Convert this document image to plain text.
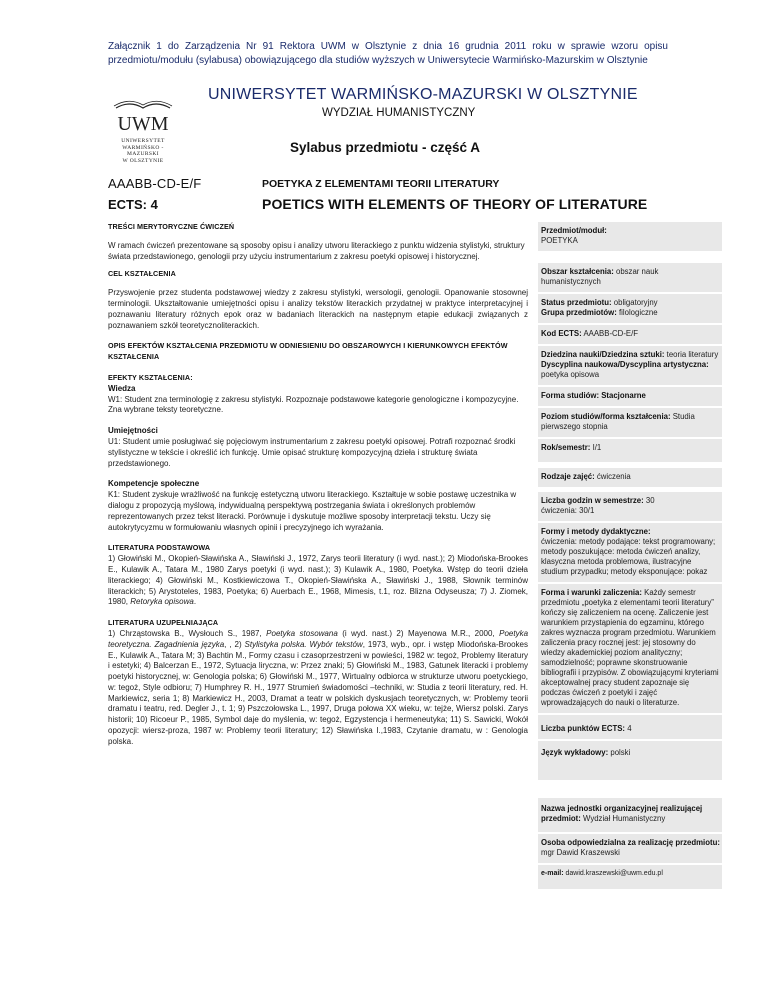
Załącznik 1 do Zarządzenia Nr 91 Rektora UWM w Olsztynie z dnia 16 grudnia 2011 roku w sprawie wzoru opisu przedmiotu/modułu (sylabusa) obowiązującego dla studiów wyższych w Uniwersytecie Warmińsko-Mazurskim w Olsztynie
UWM
UNIWERSYTET
WARMIŃSKO - MAZURSKI
W OLSZTYNIE
UNIWERSYTET WARMIŃSKO-MAZURSKI W OLSZTYNIE
WYDZIAŁ HUMANISTYCZNY
Sylabus przedmiotu - część A
AAABB-CD-E/F
ECTS: 4
POETYKA Z ELEMENTAMI TEORII LITERATURY
POETICS WITH ELEMENTS OF THEORY OF LITERATURE

TREŚCI MERYTORYCZNE ĆWICZEŃ

W ramach ćwiczeń prezentowane są sposoby opisu i analizy utworu literackiego z punktu widzenia stylistyki, struktury świata przedstawionego, genologii przy użyciu instrumentarium z zakresu poetyki opisowej i historycznej.

CEL KSZTAŁCENIA

Przyswojenie przez studenta podstawowej wiedzy z zakresu stylistyki, wersologii, genologii. Opanowanie stosownej terminologii. Ukształtowanie umiejętności opisu i analizy tekstów literackich przydatnej w praktyce interpretacyjnej i poznawaniu literatury różnych epok oraz w badaniach literackich na następnym etapie edukacji związanych z poznawaniem szkół teoretycznoliterackich.

OPIS EFEKTÓW KSZTAŁCENIA PRZEDMIOTU W ODNIESIENIU DO OBSZAROWYCH I KIERUNKOWYCH EFEKTÓW KSZTAŁCENIA

EFEKTY KSZTAŁCENIA:

Wiedza

W1: Student zna terminologię z zakresu stylistyki. Rozpoznaje podstawowe kategorie genologiczne i kompozycyjne. Zna wybrane teksty teoretyczne.

Umiejętności

U1: Student umie posługiwać się pojęciowym instrumentarium z zakresu poetyki opisowej. Potrafi rozpoznać środki stylistyczne w tekście i określić ich funkcję. Umie opisać strukturę kompozycyjną dzieła i strukturę świata przedstawionego.

Kompetencje społeczne

K1: Student zyskuje wrażliwość na funkcję estetyczną utworu literackiego. Kształtuje w sobie postawę uczestnika w dialogu z propozycją myślową, indywidualną perspektywą postrzegania świata i określonych problemów reprezentowanych przez tekst literacki. Porównuje i dyskutuje możliwe sposoby interpretacji tekstu. Uczy się autokrytycyzmu w formułowaniu własnych opinii i precyzyjnego ich wyrażania.

LITERATURA PODSTAWOWA

1) Głowiński M., Okopień-Sławińska A., Sławiński J., 1972, Zarys teorii literatury (i wyd. nast.); 2) Miodońska-Brookes E., Kulawik A., Tatara M., 1980 Zarys poetyki (i wyd. nast.); 3) Kulawik A., 1980, Poetyka. Wstęp do teorii dzieła literackiego; 4) Głowiński M., Kostkiewiczowa T., Okopień-Sławińska A., Sławiński J., 1988, Słownik terminów literackich; 5) Arystoteles, 1983, Poetyka; 6) Auerbach E., 1968, Mimesis, t.1, roz. Blizna Odyseusza; 7) J. Ziomek, 1980, Retoryka opisowa.

LITERATURA UZUPEŁNIAJĄCA

1) Chrząstowska B., Wysłouch S., 1987, Poetyka stosowana (i wyd. nast.) 2) Mayenowa M.R., 2000, Poetyka teoretyczna. Zagadnienia języka, , 2) Stylistyka polska. Wybór tekstów, 1973, wyb., opr. i wstęp Miodońska-Brookes E., Kulawik A., Tatara M; 3) Bachtin M., Formy czasu i czasoprzestrzeni w powieści, 1982 w: tegoż, Problemy literatury i estetyki; 4) Balcerzan E., 1972, Sytuacja liryczna, w: Przez znaki; 5) Głowiński M., 1983, Gatunek literacki i problemy poetyki historycznej, w: Genologia polska; 6) Głowiński M., 1977, Wirtualny odbiorca w strukturze utworu poetyckiego, w: tegoż, Style odbioru; 7) Humphrey R. H., 1977 Strumień świadomości –techniki, w: Studia z teorii literatury, red. H. Markiewicz, seria 1; 8) Markiewicz H., 2003, Dramat a teatr w polskich dyskusjach teoretycznych, w: Problemy teorii dramatu i teatru, red. Degler J., t. 1; 9) Pszczołowska L., 1997, Druga połowa XX wieku, w: tejże, Wiersz polski. Zarys historii; 10) Ricoeur P., 1985, Symbol daje do myślenia, w: tegoż, Egzystencja i hermeneutyka; 11) S. Sawicki, Wokół opozycji: wiersz-proza, 1987 w: Problemy teorii literatury; 12) Sławińska I.,1983, Czytanie dramatu, w : Genologia polska.

Przedmiot/moduł:
POETYKA
Obszar kształcenia: obszar nauk humanistycznych
Status przedmiotu: obligatoryjny
Grupa przedmiotów: filologiczne
Kod ECTS: AAABB-CD-E/F
Dziedzina nauki/Dziedzina sztuki: teoria literatury
Dyscyplina naukowa/Dyscyplina artystyczna:
poetyka opisowa
Forma studiów: Stacjonarne
Poziom studiów/forma kształcenia: Studia pierwszego stopnia
Rok/semestr: I/1
Rodzaje zajęć: ćwiczenia
Liczba godzin w semestrze: 30
ćwiczenia: 30/1
Formy i metody dydaktyczne:
ćwiczenia: metody podające: tekst programowany; metody poszukujące: metoda ćwiczeń analizy, klasyczna metoda problemowa, ilustracyjne studium przypadku; metody eksponujące: pokaz
Forma i warunki zaliczenia: Każdy semestr przedmiotu „poetyka z elementami teorii literatury” kończy się zaliczeniem na ocenę. Zaliczenie jest warunkiem przystąpienia do egzaminu, którego zakres wyznacza program przedmiotu. Warunkiem zaliczenia pracy rocznej jest: jej stosowny do wiedzy akademickiej poziom analityczny; samodzielność; poprawne skonstruowanie bibliografii i przypisów. Z obowiązującymi kryteriami akceptowalnej pracy student zapoznaje się podczas ćwiczeń z poetyki i zajęć wprowadzających do nauki o literaturze.
Liczba punktów ECTS: 4
Język wykładowy: polski
Nazwa jednostki organizacyjnej realizującej przedmiot: Wydział Humanistyczny
Osoba odpowiedzialna za realizację przedmiotu:
mgr Dawid Kraszewski
e-mail: dawid.kraszewski@uwm.edu.pl
